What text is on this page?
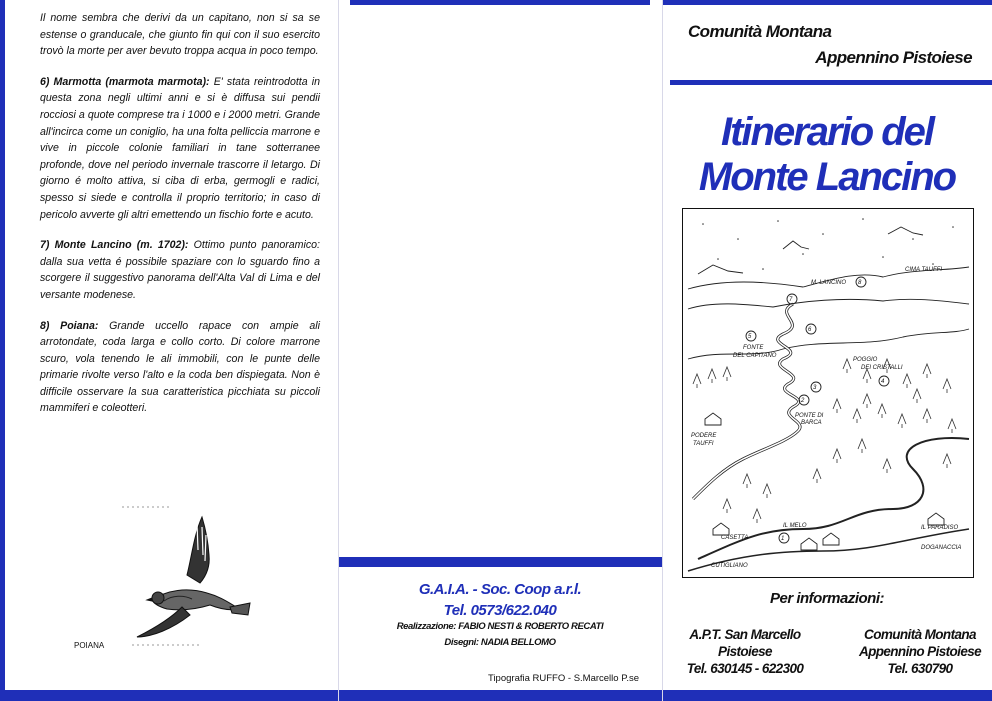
Il nome sembra che derivi da un capitano, non si sa se estense o granducale, che giunto fin qui con il suo esercito trovò la morte per aver bevuto troppa acqua in poco tempo.

6) Marmotta (marmota marmota): E' stata reintrodotta in questa zona negli ultimi anni e si è diffusa sui pendii rocciosi a quote comprese tra i 1000 e i 2000 metri. Grande all'incirca come un coniglio, ha una folta pelliccia marrone e vive in piccole colonie familiari in tane sotterranee profonde, dove nel periodo invernale trascorre il letargo. Di giorno é molto attiva, si ciba di erba, germogli e radici, spesso si siede e controlla il proprio territorio; in caso di pericolo avverte gli altri emettendo un fischio forte e acuto.

7) Monte Lancino (m. 1702): Ottimo punto panoramico: dalla sua vetta é possibile spaziare con lo sguardo fino a scorgere il suggestivo panorama dell'Alta Val di Lima e del versante modenese.

8) Poiana: Grande uccello rapace con ampie ali arrotondate, coda larga e collo corto. Di colore marrone scuro, vola tenendo le ali immobili, con le punte delle primarie rivolte verso l'alto e la coda ben dispiegata. Non è difficile osservare la sua caratteristica picchiata su piccoli mammiferi e coleotteri.

POIANA
G.A.I.A. - Soc. Coop a.r.l.
Tel. 0573/622.040
Realizzazione: FABIO NESTI & ROBERTO RECATI
Disegni: NADIA BELLOMO
Tipografia RUFFO - S.Marcello P.se
Comunità Montana
Appennino Pistoiese
Itinerario del
Monte Lancino
7
8
5
6
3
2
4
1
M. LANCINO
CIMA TAUFFI
FONTE
DEL CAPITANO
POGGIO
DEI CRISTALLI
PONTE DI
BARCA
PODERE
TAUFFI
IL MELO
CASETTA
IL PARADISO
DOGANACCIA
CUTIGLIANO
Per informazioni:
A.P.T. San Marcello
Pistoiese
Tel. 630145 - 622300
Comunità Montana
Appennino Pistoiese
Tel. 630790
